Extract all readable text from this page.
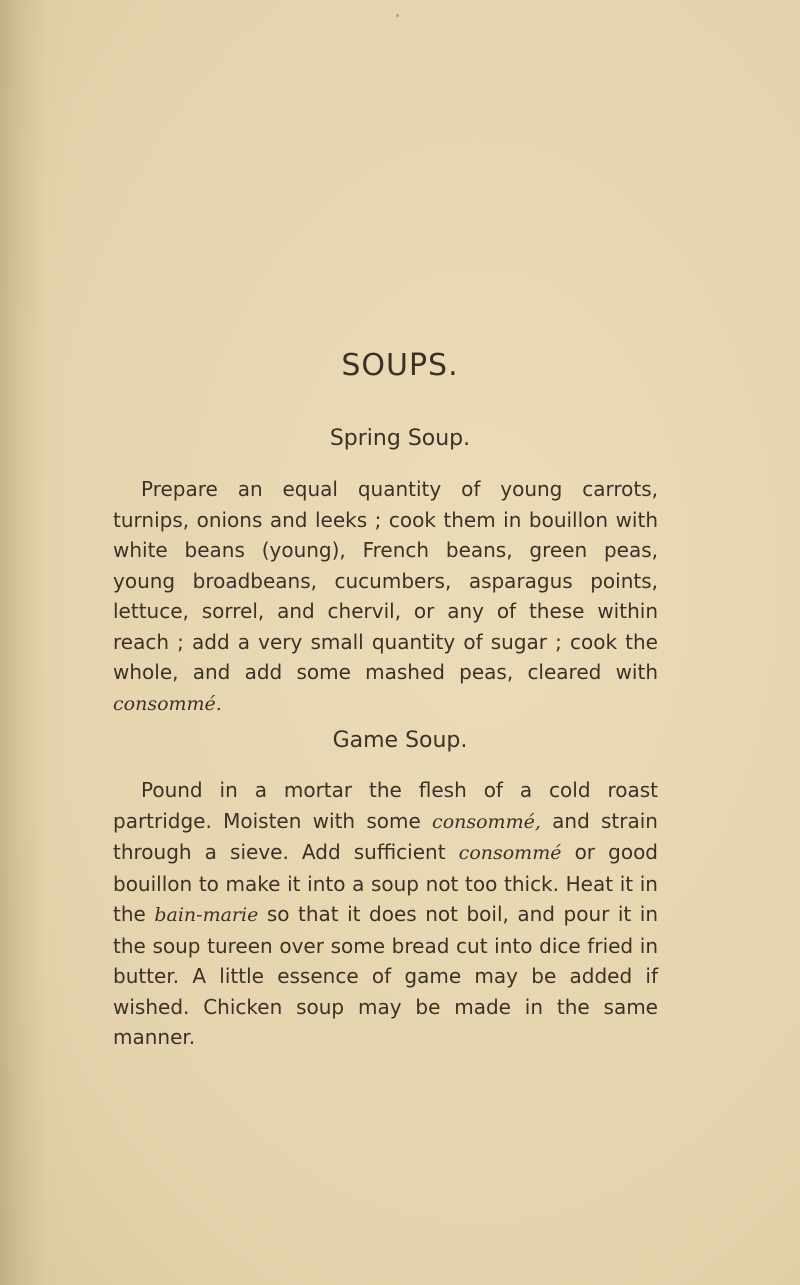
SOUPS.
Spring Soup.

Prepare an equal quantity of young carrots, turnips, onions and leeks ; cook them in bouillon with white beans (young), French beans, green peas, young broadbeans, cucumbers, asparagus points, lettuce, sorrel, and chervil, or any of these within reach ; add a very small quantity of sugar ; cook the whole, and add some mashed peas, cleared with consommé.

Game Soup.

Pound in a mortar the flesh of a cold roast partridge. Moisten with some consommé, and strain through a sieve. Add sufficient consommé or good bouillon to make it into a soup not too thick. Heat it in the bain-marie so that it does not boil, and pour it in the soup tureen over some bread cut into dice fried in butter. A little essence of game may be added if wished. Chicken soup may be made in the same manner.
